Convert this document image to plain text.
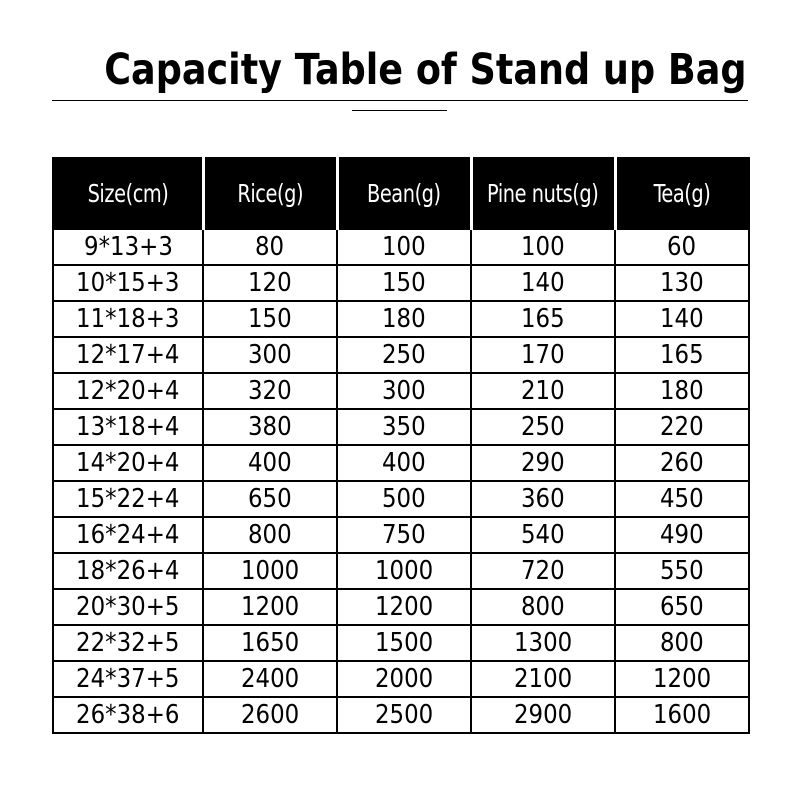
Capacity Table of Stand up Bag
Size(cm)	Rice(g)	Bean(g)	Pine nuts(g)	Tea(g)
9*13+3	80	100	100	60
10*15+3	120	150	140	130
11*18+3	150	180	165	140
12*17+4	300	250	170	165
12*20+4	320	300	210	180
13*18+4	380	350	250	220
14*20+4	400	400	290	260
15*22+4	650	500	360	450
16*24+4	800	750	540	490
18*26+4	1000	1000	720	550
20*30+5	1200	1200	800	650
22*32+5	1650	1500	1300	800
24*37+5	2400	2000	2100	1200
26*38+6	2600	2500	2900	1600
